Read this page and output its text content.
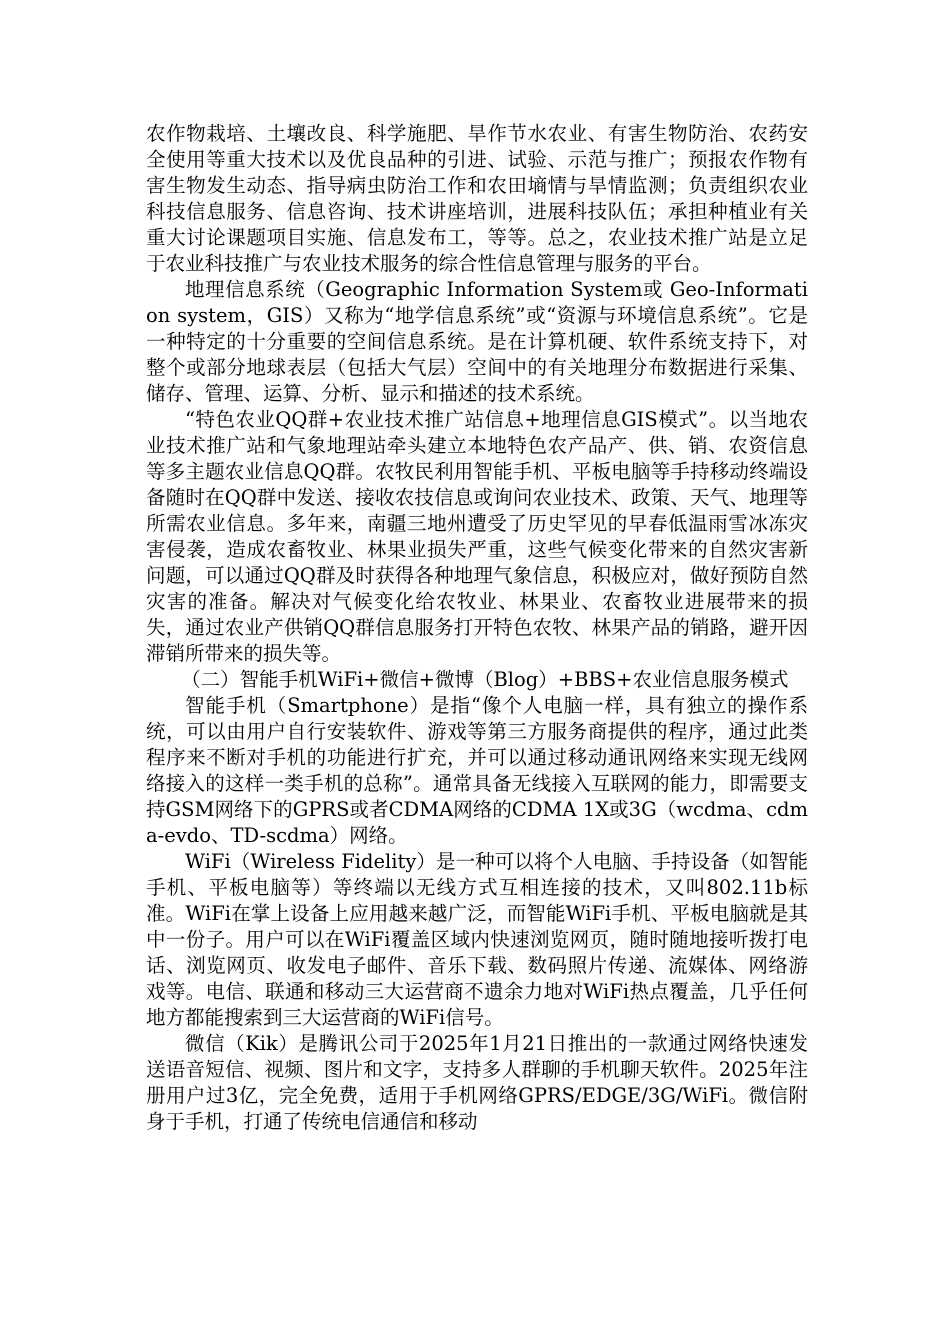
农作物栽培、土壤改良、科学施肥、旱作节水农业、有害生物防治、农药安全使用等重大技术以及优良品种的引进、试验、示范与推广；预报农作物有害生物发生动态、指导病虫防治工作和农田墒情与旱情监测；负责组织农业科技信息服务、信息咨询、技术讲座培训，进展科技队伍；承担种植业有关重大讨论课题项目实施、信息发布工，等等。总之，农业技术推广站是立足于农业科技推广与农业技术服务的综合性信息管理与服务的平台。

地理信息系统（Geographic Information System或 Geo-Information system，GIS）又称为“地学信息系统”或“资源与环境信息系统”。它是一种特定的十分重要的空间信息系统。是在计算机硬、软件系统支持下，对整个或部分地球表层（包括大气层）空间中的有关地理分布数据进行采集、储存、管理、运算、分析、显示和描述的技术系统。

“特色农业QQ群+农业技术推广站信息+地理信息GIS模式”。以当地农业技术推广站和气象地理站牵头建立本地特色农产品产、供、销、农资信息等多主题农业信息QQ群。农牧民利用智能手机、平板电脑等手持移动终端设备随时在QQ群中发送、接收农技信息或询问农业技术、政策、天气、地理等所需农业信息。多年来，南疆三地州遭受了历史罕见的早春低温雨雪冰冻灾害侵袭，造成农畜牧业、林果业损失严重，这些气候变化带来的自然灾害新问题，可以通过QQ群及时获得各种地理气象信息，积极应对，做好预防自然灾害的准备。解决对气候变化给农牧业、林果业、农畜牧业进展带来的损失，通过农业产供销QQ群信息服务打开特色农牧、林果产品的销路，避开因滞销所带来的损失等。

（二）智能手机WiFi+微信+微博（Blog）+BBS+农业信息服务模式

智能手机（Smartphone）是指“像个人电脑一样，具有独立的操作系统，可以由用户自行安装软件、游戏等第三方服务商提供的程序，通过此类程序来不断对手机的功能进行扩充，并可以通过移动通讯网络来实现无线网络接入的这样一类手机的总称”。通常具备无线接入互联网的能力，即需要支持GSM网络下的GPRS或者CDMA网络的CDMA 1X或3G（wcdma、cdma-evdo、TD-scdma）网络。

WiFi（Wireless Fidelity）是一种可以将个人电脑、手持设备（如智能手机、平板电脑等）等终端以无线方式互相连接的技术，又叫802.11b标准。WiFi在掌上设备上应用越来越广泛，而智能WiFi手机、平板电脑就是其中一份子。用户可以在WiFi覆盖区域内快速浏览网页，随时随地接听拨打电话、浏览网页、收发电子邮件、音乐下载、数码照片传递、流媒体、网络游戏等。电信、联通和移动三大运营商不遗余力地对WiFi热点覆盖，几乎任何地方都能搜索到三大运营商的WiFi信号。

微信（Kik）是腾讯公司于2025年1月21日推出的一款通过网络快速发送语音短信、视频、图片和文字，支持多人群聊的手机聊天软件。2025年注册用户过3亿，完全免费，适用于手机网络GPRS/EDGE/3G/WiFi。微信附身于手机，打通了传统电信通信和移动
